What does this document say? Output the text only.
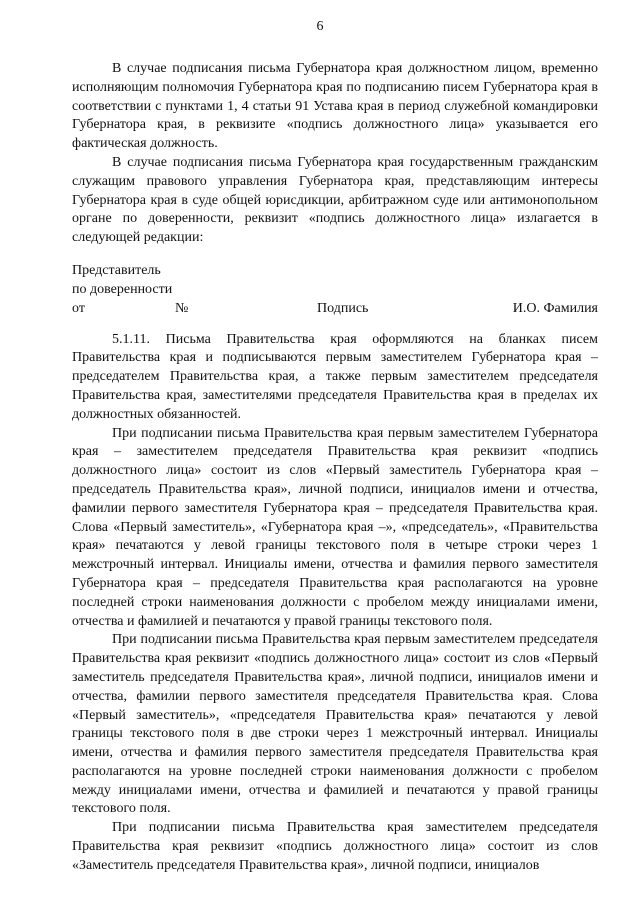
6

В случае подписания письма Губернатора края должностном лицом, временно исполняющим полномочия Губернатора края по подписанию писем Губернатора края в соответствии с пунктами 1, 4 статьи 91 Устава края в период служебной командировки Губернатора края, в реквизите «подпись должностного лица» указывается его фактическая должность.

В случае подписания письма Губернатора края государственным гражданским служащим правового управления Губернатора края, представляющим интересы Губернатора края в суде общей юрисдикции, арбитражном суде или антимонопольном органе по доверенности, реквизит «подпись должностного лица» излагается в следующей редакции:

Представитель
по доверенности
от	№	Подпись	И.О. Фамилия

5.1.11. Письма Правительства края оформляются на бланках писем Правительства края и подписываются первым заместителем Губернатора края – председателем Правительства края, а также первым заместителем председателя Правительства края, заместителями председателя Правительства края в пределах их должностных обязанностей.

При подписании письма Правительства края первым заместителем Губернатора края – заместителем председателя Правительства края реквизит «подпись должностного лица» состоит из слов «Первый заместитель Губернатора края – председатель Правительства края», личной подписи, инициалов имени и отчества, фамилии первого заместителя Губернатора края – председателя Правительства края. Слова «Первый заместитель», «Губернатора края –», «председатель», «Правительства края» печатаются у левой границы текстового поля в четыре строки через 1 межстрочный интервал. Инициалы имени, отчества и фамилия первого заместителя Губернатора края – председателя Правительства края располагаются на уровне последней строки наименования должности с пробелом между инициалами имени, отчества и фамилией и печатаются у правой границы текстового поля.

При подписании письма Правительства края первым заместителем председателя Правительства края реквизит «подпись должностного лица» состоит из слов «Первый заместитель председателя Правительства края», личной подписи, инициалов имени и отчества, фамилии первого заместителя председателя Правительства края. Слова «Первый заместитель», «председателя Правительства края» печатаются у левой границы текстового поля в две строки через 1 межстрочный интервал. Инициалы имени, отчества и фамилия первого заместителя председателя Правительства края располагаются на уровне последней строки наименования должности с пробелом между инициалами имени, отчества и фамилией и печатаются у правой границы текстового поля.

При подписании письма Правительства края заместителем председателя Правительства края реквизит «подпись должностного лица» состоит из слов «Заместитель председателя Правительства края», личной подписи, инициалов
